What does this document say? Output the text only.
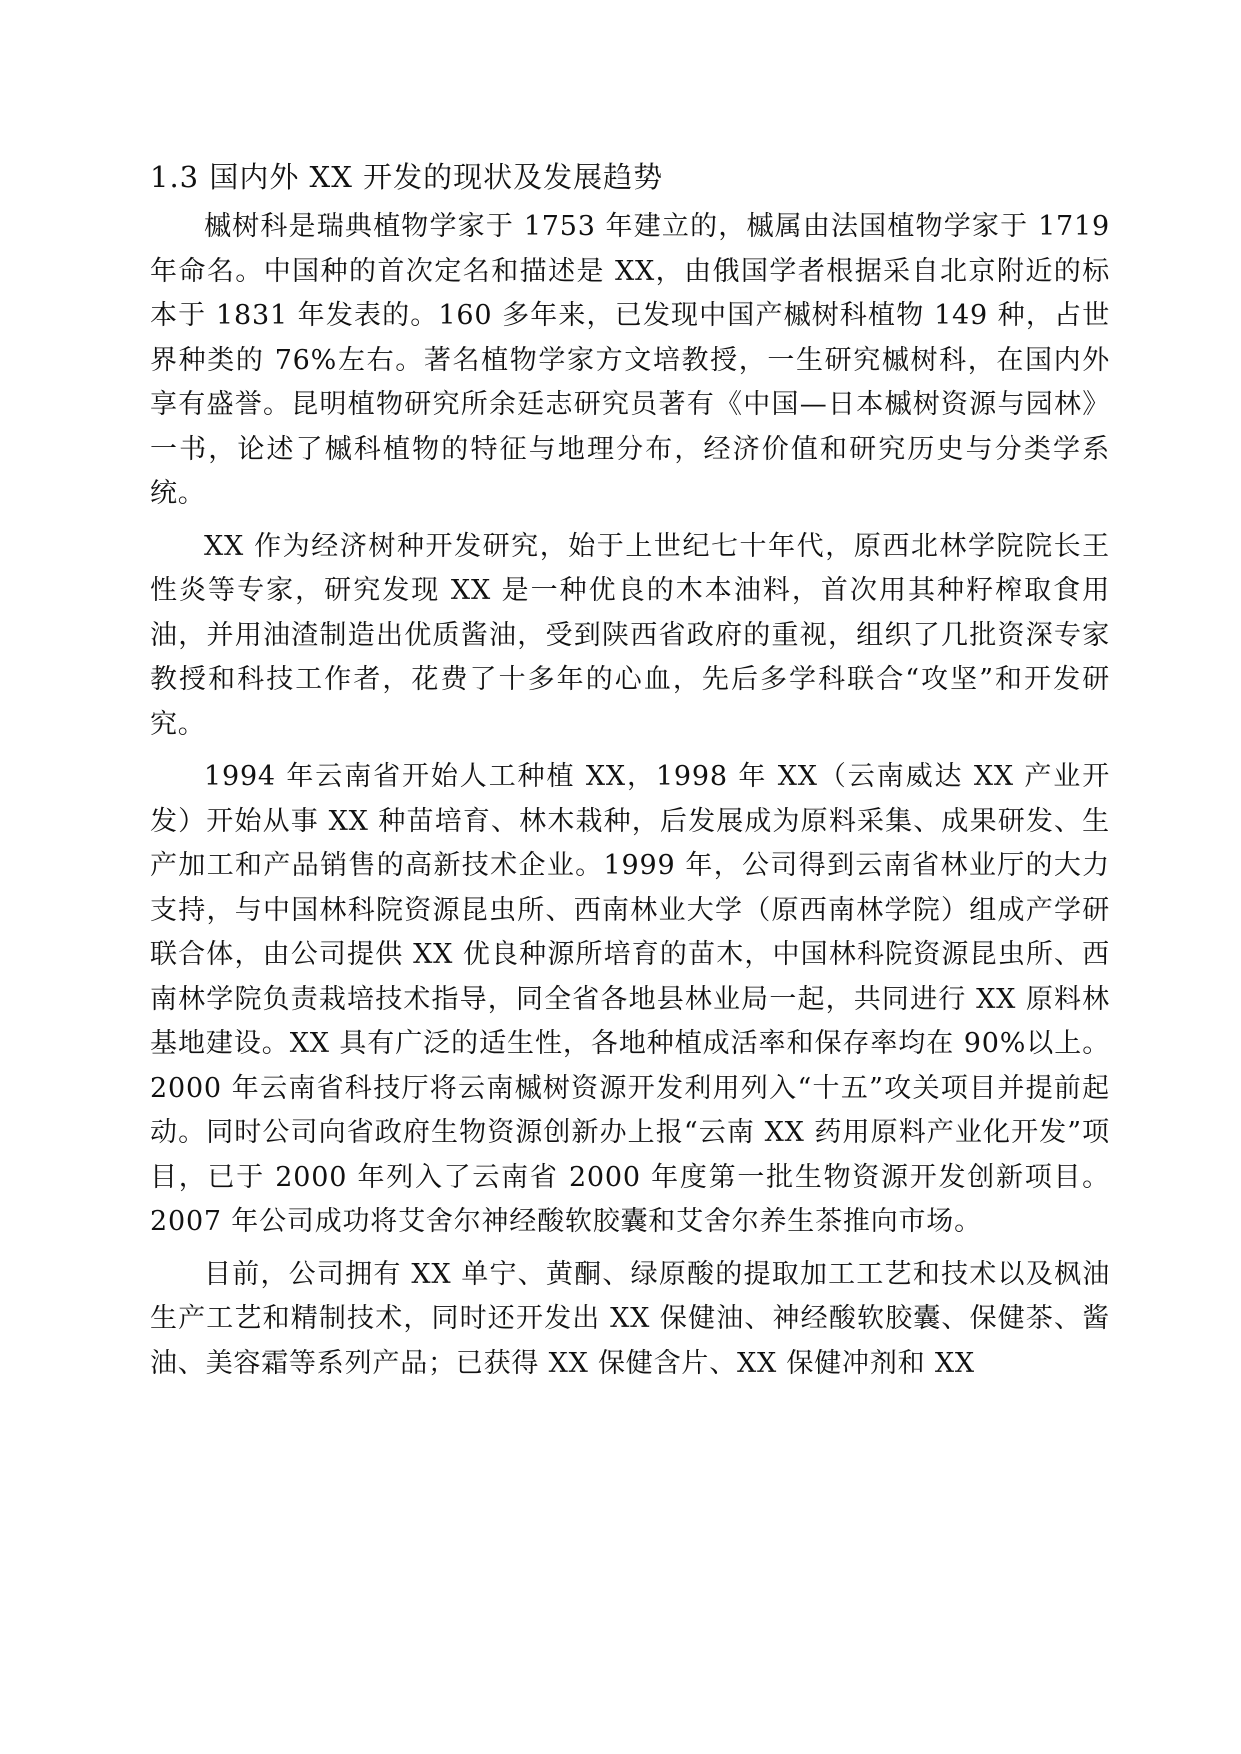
1.3 国内外 XX 开发的现状及发展趋势

槭树科是瑞典植物学家于 1753 年建立的，槭属由法国植物学家于 1719 年命名。中国种的首次定名和描述是 XX，由俄国学者根据采自北京附近的标本于 1831 年发表的。160 多年来，已发现中国产槭树科植物 149 种，占世界种类的 76%左右。著名植物学家方文培教授，一生研究槭树科，在国内外享有盛誉。昆明植物研究所余廷志研究员著有《中国—日本槭树资源与园林》一书，论述了槭科植物的特征与地理分布，经济价值和研究历史与分类学系统。

XX 作为经济树种开发研究，始于上世纪七十年代，原西北林学院院长王性炎等专家，研究发现 XX 是一种优良的木本油料，首次用其种籽榨取食用油，并用油渣制造出优质酱油，受到陕西省政府的重视，组织了几批资深专家教授和科技工作者，花费了十多年的心血，先后多学科联合“攻坚”和开发研究。

1994 年云南省开始人工种植 XX，1998 年 XX（云南威达 XX 产业开发）开始从事 XX 种苗培育、林木栽种，后发展成为原料采集、成果研发、生产加工和产品销售的高新技术企业。1999 年，公司得到云南省林业厅的大力支持，与中国林科院资源昆虫所、西南林业大学（原西南林学院）组成产学研联合体，由公司提供 XX 优良种源所培育的苗木，中国林科院资源昆虫所、西南林学院负责栽培技术指导，同全省各地县林业局一起，共同进行 XX 原料林基地建设。XX 具有广泛的适生性，各地种植成活率和保存率均在 90%以上。2000 年云南省科技厅将云南槭树资源开发利用列入“十五”攻关项目并提前起动。同时公司向省政府生物资源创新办上报“云南 XX 药用原料产业化开发”项目，已于 2000 年列入了云南省 2000 年度第一批生物资源开发创新项目。2007 年公司成功将艾舍尔神经酸软胶囊和艾舍尔养生茶推向市场。

目前，公司拥有 XX 单宁、黄酮、绿原酸的提取加工工艺和技术以及枫油生产工艺和精制技术，同时还开发出 XX 保健油、神经酸软胶囊、保健茶、酱油、美容霜等系列产品；已获得 XX 保健含片、XX 保健冲剂和 XX
